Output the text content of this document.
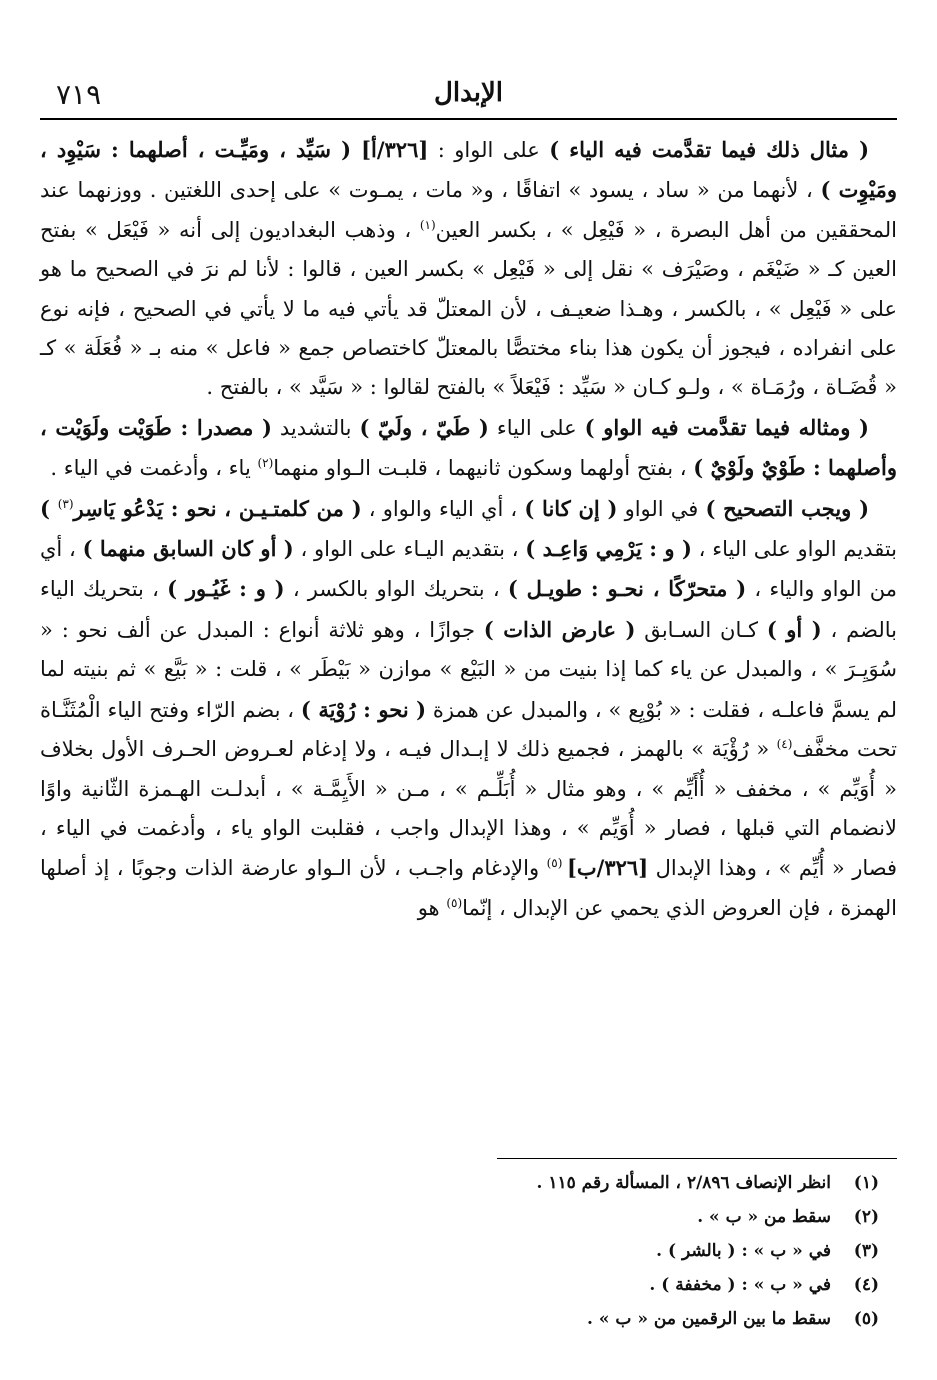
٧١٩	الإبدال

( مثال ذلك فيما تقدَّمت فيه الياء ) على الواو : [٣٢٦/أ] ( سَيِّد ، ومَيِّـت ، أصلهما : سَيْوِد ، ومَيْوِت ) ، لأنهما من « ساد ، يسود » اتفاقًا ، و« مات ، يمـوت » على إحدى اللغتين . ووزنهما عند المحققين من أهل البصرة ، « فَيْعِل » ، بكسر العين$^{(١)}$ ، وذهب البغداديون إلى أنه « فَيْعَل » بفتح العين كـ « ضَيْغَم ، وصَيْرَف » نقل إلى « فَيْعِل » بكسر العين ، قالوا : لأنا لم نرَ في الصحيح ما هو على « فَيْعِل » ، بالكسر ، وهـذا ضعيـف ، لأن المعتلّ قد يأتي فيه ما لا يأتي في الصحيح ، فإنه نوع على انفراده ، فيجوز أن يكون هذا بناء مختصًّا بالمعتلّ كاختصاص جمع « فاعل » منه بـ « فُعَلَة » كـ « قُضَـاة ، ورُمَـاة » ، ولـو كـان « سَيِّد : فَيْعَلاً » بالفتح لقالوا : « سَيَّد » ، بالفتح .

( ومثاله فيما تقدَّمت فيه الواو ) على الياء ( طَيّ ، ولَيّ ) بالتشديد ( مصدرا : طَوَيْت ولَوَيْت ، وأصلهما : طَوْيٌ ولَوْيٌ ) ، بفتح أولهما وسكون ثانيهما ، قلبـت الـواو منهما$^{(٢)}$ ياء ، وأدغمت في الياء .

( ويجب التصحيح ) في الواو ( إن كانا ) ، أي الياء والواو ، ( من كلمتـيـن ، نحو : يَدْعُو يَاسِر$^{(٣)}$ ) بتقديم الواو على الياء ، ( و : يَرْمِي وَاعِـد ) ، بتقديم اليـاء على الواو ، ( أو كان السابق منهما ) ، أي من الواو والياء ، ( متحرّكًا ، نحـو : طويـل ) ، بتحريك الواو بالكسر ، ( و : غَيُـور ) ، بتحريك الياء بالضم ، ( أو ) كـان السـابق ( عارض الذات ) جوازًا ، وهو ثلاثة أنواع : المبدل عن ألف نحو : « سُوَيِـرَ » ، والمبدل عن ياء كما إذا بنيت من « البَيْع » موازن « بَيْطَر » ، قلت : « بَيَّع » ثم بنيته لما لم يسمَّ فاعلـه ، فقلت : « بُوْيِع » ، والمبدل عن همزة ( نحو : رُوْيَة ) ، بضم الرّاء وفتح الياء الْمُثَنَّـاة تحت مخفَّف$^{(٤)}$ « رُؤْيَة » بالهمز ، فجميع ذلك لا إبـدال فيـه ، ولا إدغام لعـروض الحـرف الأول بخلاف « أُوَيِّم » ، مخفف « أُأَيِّم » ، وهو مثال « أُبَلِّـم » ، مـن « الأَيِمَّـة » ، أبدلـت الهـمزة الثّانية واوًا لانضمام التي قبلها ، فصار « أُوَيِّم » ، وهذا الإبدال واجب ، فقلبت الواو ياء ، وأدغمت في الياء ، فصار « أُيِّم » ، وهذا الإبدال [٣٢٦/ب] $^{(٥)}$ والإدغام واجـب ، لأن الـواو عارضة الذات وجوبًا ، إذ أصلها الهمزة ، فإن العروض الذي يحمي عن الإبدال ، إنّما$^{(٥)}$ هو

(١)
انظر الإنصاف ٢/٨٩٦ ، المسألة رقم ١١٥ .
(٢)
سقط من « ب » .
(٣)
في « ب » : ( بالشر ) .
(٤)
في « ب » : ( مخففة ) .
(٥)
سقط ما بين الرقمين من « ب » .
